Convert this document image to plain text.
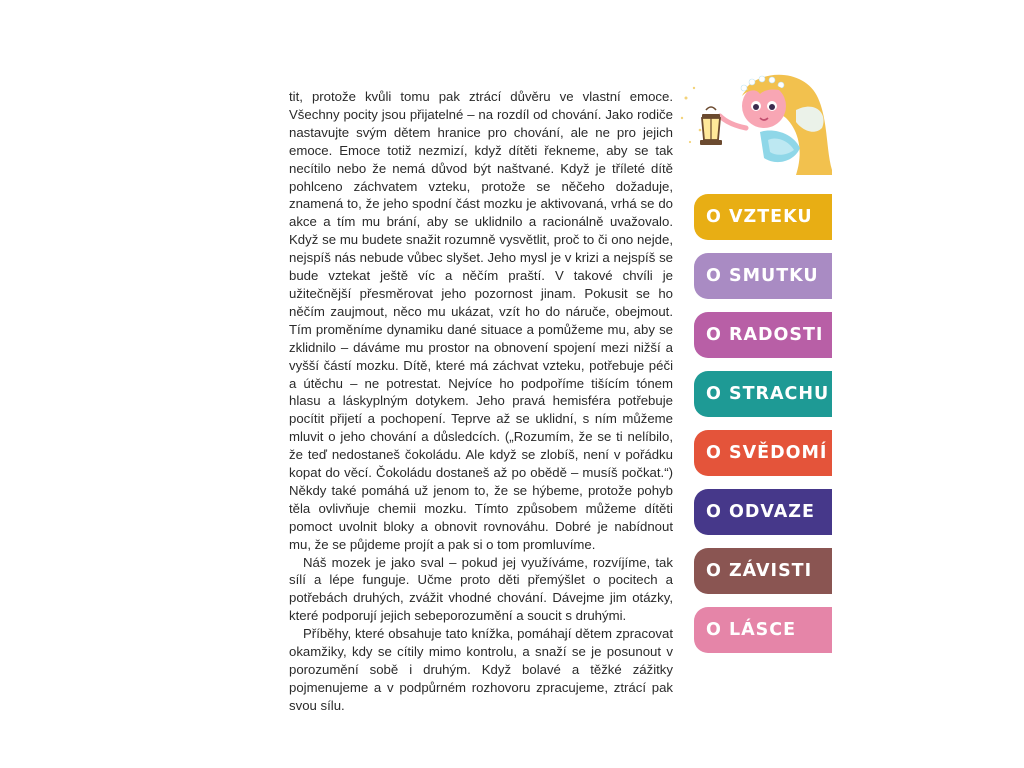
tit, protože kvůli tomu pak ztrácí důvěru ve vlastní emoce. Všechny pocity jsou přijatelné – na rozdíl od chování. Jako rodiče nastavujte svým dětem hranice pro chování, ale ne pro jejich emoce. Emoce totiž nezmizí, když dítěti řekneme, aby se tak necítilo nebo že nemá důvod být naštvané. Když je tříleté dítě pohlceno záchvatem vzteku, protože se něčeho dožaduje, znamená to, že jeho spodní část mozku je aktivovaná, vrhá se do akce a tím mu brání, aby se uklidnilo a racionálně uvažovalo. Když se mu budete snažit rozumně vysvětlit, proč to či ono nejde, nejspíš nás nebude vůbec slyšet. Jeho mysl je v krizi a nejspíš se bude vztekat ještě víc a něčím praští. V takové chvíli je užitečnější přesměrovat jeho pozornost jinam. Pokusit se ho něčím zaujmout, něco mu ukázat, vzít ho do náruče, obejmout. Tím proměníme dynamiku dané situace a pomůžeme mu, aby se zklidnilo – dáváme mu prostor na obnovení spojení mezi nižší a vyšší částí mozku. Dítě, které má záchvat vzteku, potřebuje péči a útěchu – ne potrestat. Nejvíce ho podpoříme tišícím tónem hlasu a láskyplným dotykem. Jeho pravá hemisféra potřebuje pocítit přijetí a pochopení. Teprve až se uklidní, s ním můžeme mluvit o jeho chování a důsledcích. („Rozumím, že se ti nelíbilo, že teď nedostaneš čokoládu. Ale když se zlobíš, není v pořádku kopat do věcí. Čokoládu dostaneš až po obědě – musíš počkat.“) Někdy také pomáhá už jenom to, že se hýbeme, protože pohyb těla ovlivňuje chemii mozku. Tímto způsobem můžeme dítěti pomoct uvolnit bloky a obnovit rovnováhu. Dobré je nabídnout mu, že se půjdeme projít a pak si o tom promluvíme.

Náš mozek je jako sval – pokud jej využíváme, rozvíjíme, tak sílí a lépe funguje. Učme proto děti přemýšlet o pocitech a potřebách druhých, zvážit vhodné chování. Dávejme jim otázky, které podporují jejich sebeporozumění a soucit s druhými.

Příběhy, které obsahuje tato knížka, pomáhají dětem zpracovat okamžiky, kdy se cítily mimo kontrolu, a snaží se je posunout v porozumění sobě i druhým. Když bolavé a těžké zážitky pojmenujeme a v podpůrném rozhovoru zpracujeme, ztrácí pak svou sílu.

O VZTEKU
O SMUTKU
O RADOSTI
O STRACHU
O SVĚDOMÍ
O ODVAZE
O ZÁVISTI
O LÁSCE
